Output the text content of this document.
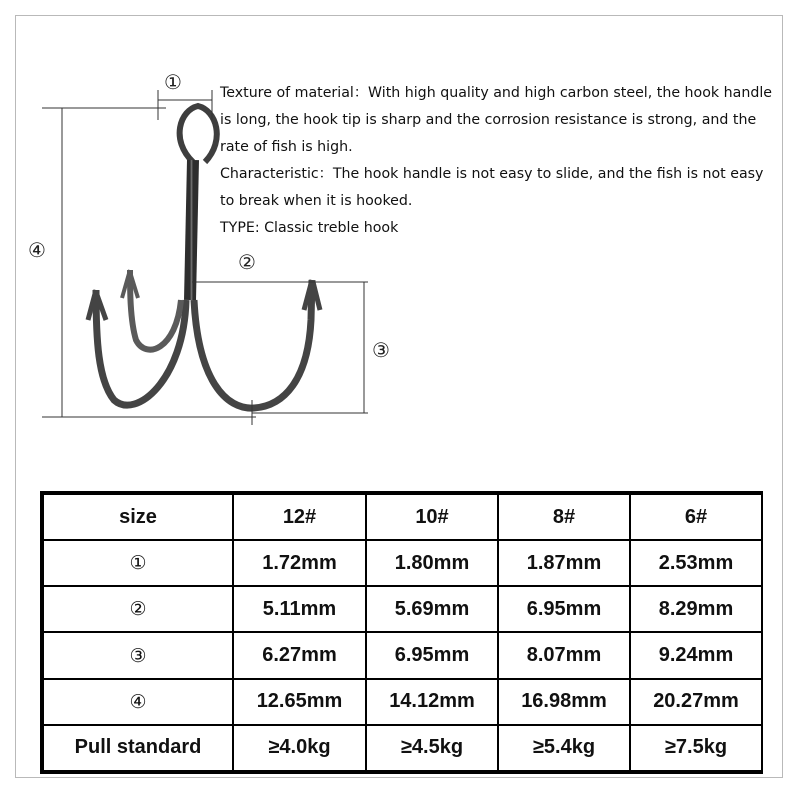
①
②
③
④

Texture of material：With high quality and high carbon steel, the hook handle is long, the hook tip is sharp and the corrosion resistance is strong, and the rate of fish is high.

Characteristic：The hook handle is not easy to slide, and the fish is not easy to break when it is hooked.

TYPE: Classic treble hook

size	12#	10#	8#	6#
①	1.72mm	1.80mm	1.87mm	2.53mm
②	5.11mm	5.69mm	6.95mm	8.29mm
③	6.27mm	6.95mm	8.07mm	9.24mm
④	12.65mm	14.12mm	16.98mm	20.27mm
Pull standard	≥4.0kg	≥4.5kg	≥5.4kg	≥7.5kg
